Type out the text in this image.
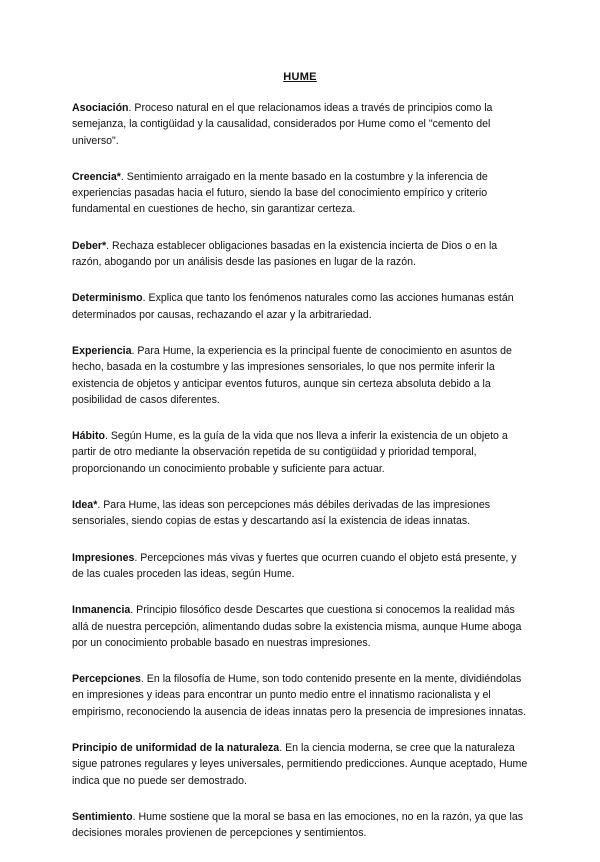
HUME

Asociación. Proceso natural en el que relacionamos ideas a través de principios como la semejanza, la contigüidad y la causalidad, considerados por Hume como el "cemento del universo".

Creencia*. Sentimiento arraigado en la mente basado en la costumbre y la inferencia de experiencias pasadas hacia el futuro, siendo la base del conocimiento empírico y criterio fundamental en cuestiones de hecho, sin garantizar certeza.

Deber*. Rechaza establecer obligaciones basadas en la existencia incierta de Dios o en la razón, abogando por un análisis desde las pasiones en lugar de la razón.

Determinismo. Explica que tanto los fenómenos naturales como las acciones humanas están determinados por causas, rechazando el azar y la arbitrariedad.

Experiencia. Para Hume, la experiencia es la principal fuente de conocimiento en asuntos de hecho, basada en la costumbre y las impresiones sensoriales, lo que nos permite inferir la existencia de objetos y anticipar eventos futuros, aunque sin certeza absoluta debido a la posibilidad de casos diferentes.

Hábito. Según Hume, es la guía de la vida que nos lleva a inferir la existencia de un objeto a partir de otro mediante la observación repetida de su contigüidad y prioridad temporal, proporcionando un conocimiento probable y suficiente para actuar.

Idea*. Para Hume, las ideas son percepciones más débiles derivadas de las impresiones sensoriales, siendo copias de estas y descartando así la existencia de ideas innatas.

Impresiones. Percepciones más vivas y fuertes que ocurren cuando el objeto está presente, y de las cuales proceden las ideas, según Hume.

Inmanencia. Principio filosófico desde Descartes que cuestiona si conocemos la realidad más allá de nuestra percepción, alimentando dudas sobre la existencia misma, aunque Hume aboga por un conocimiento probable basado en nuestras impresiones.

Percepciones. En la filosofía de Hume, son todo contenido presente en la mente, dividiéndolas en impresiones y ideas para encontrar un punto medio entre el innatismo racionalista y el empirismo, reconociendo la ausencia de ideas innatas pero la presencia de impresiones innatas.

Principio de uniformidad de la naturaleza. En la ciencia moderna, se cree que la naturaleza sigue patrones regulares y leyes universales, permitiendo predicciones. Aunque aceptado, Hume indica que no puede ser demostrado.

Sentimiento. Hume sostiene que la moral se basa en las emociones, no en la razón, ya que las decisiones morales provienen de percepciones y sentimientos.
